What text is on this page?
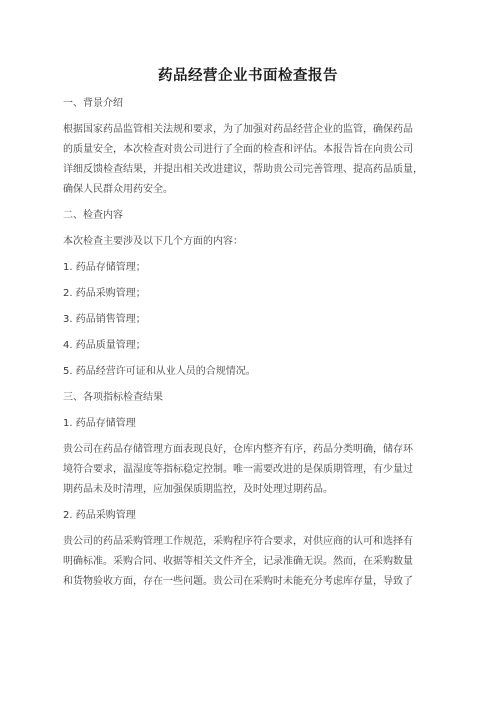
药品经营企业书面检查报告
一、背景介绍
根据国家药品监管相关法规和要求，为了加强对药品经营企业的监管，确保药品
的质量安全，本次检查对贵公司进行了全面的检查和评估。本报告旨在向贵公司
详细反馈检查结果，并提出相关改进建议，帮助贵公司完善管理、提高药品质量，
确保人民群众用药安全。
二、检查内容
本次检查主要涉及以下几个方面的内容：
1. 药品存储管理；
2. 药品采购管理；
3. 药品销售管理；
4. 药品质量管理；
5. 药品经营许可证和从业人员的合规情况。
三、各项指标检查结果
1. 药品存储管理
贵公司在药品存储管理方面表现良好，仓库内整齐有序，药品分类明确，储存环
境符合要求，温湿度等指标稳定控制。唯一需要改进的是保质期管理，有少量过
期药品未及时清理，应加强保质期监控，及时处理过期药品。
2. 药品采购管理
贵公司的药品采购管理工作规范，采购程序符合要求，对供应商的认可和选择有
明确标准。采购合同、收据等相关文件齐全，记录准确无误。然而，在采购数量
和货物验收方面，存在一些问题。贵公司在采购时未能充分考虑库存量，导致了
